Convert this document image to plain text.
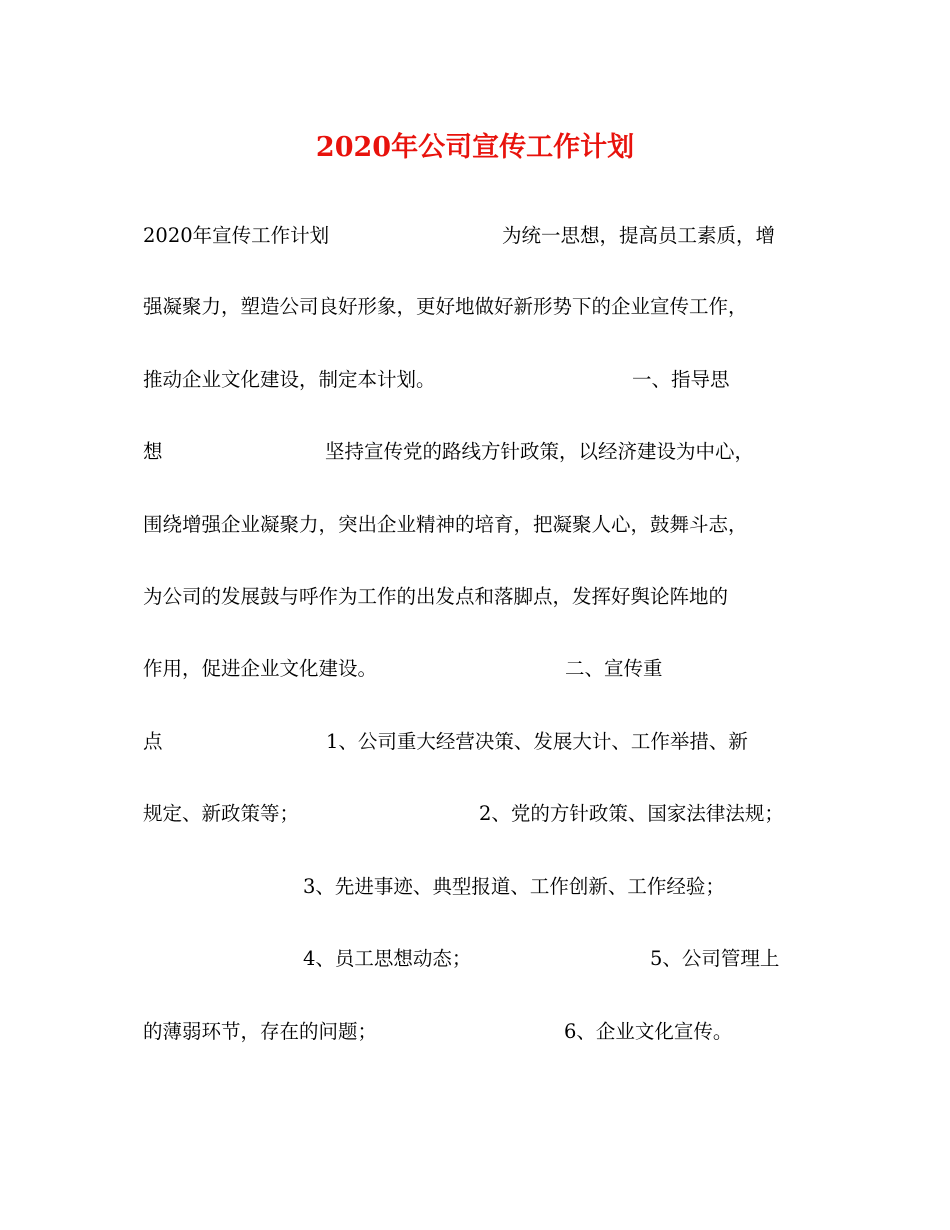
2020年公司宣传工作计划
2020年宣传工作计划	为统一思想，提高员工素质，增
强凝聚力，塑造公司良好形象，更好地做好新形势下的企业宣传工作，
推动企业文化建设，制定本计划。	一、指导思
想	坚持宣传党的路线方针政策，以经济建设为中心，
围绕增强企业凝聚力，突出企业精神的培育，把凝聚人心，鼓舞斗志，
为公司的发展鼓与呼作为工作的出发点和落脚点，发挥好舆论阵地的
作用，促进企业文化建设。	二、宣传重
点	1、公司重大经营决策、发展大计、工作举措、新
规定、新政策等；	2、党的方针政策、国家法律法规；
3、先进事迹、典型报道、工作创新、工作经验；
4、员工思想动态；	5、公司管理上
的薄弱环节，存在的问题；	6、企业文化宣传。
